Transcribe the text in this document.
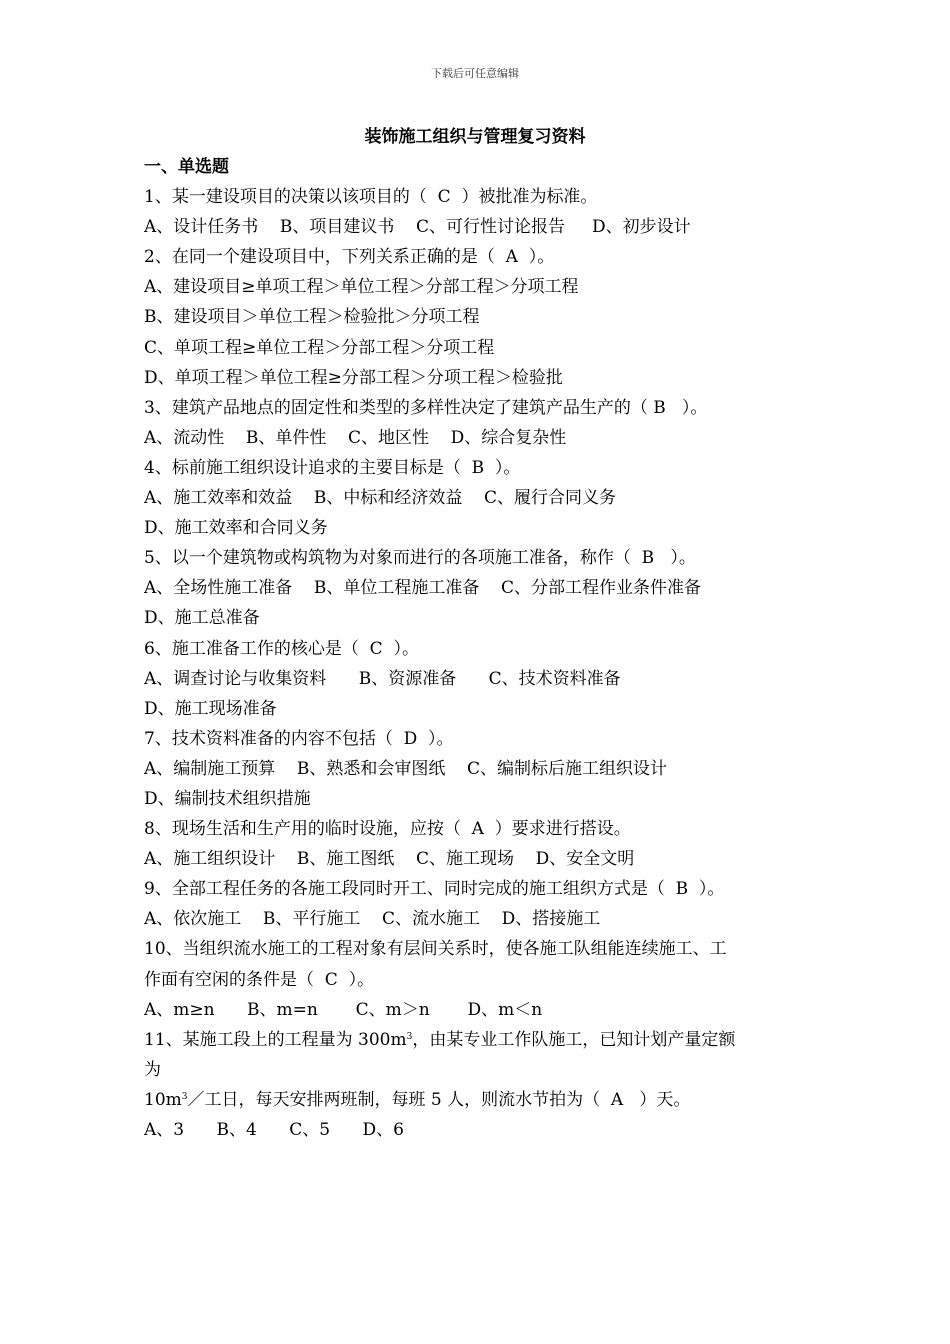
下载后可任意编辑
装饰施工组织与管理复习资料
一、单选题
1、某一建设项目的决策以该项目的（  C  ）被批准为标准。
A、设计任务书    B、项目建议书    C、可行性讨论报告     D、初步设计
2、在同一个建设项目中，下列关系正确的是（  A  ）。
A、建设项目≥单项工程＞单位工程＞分部工程＞分项工程
B、建设项目＞单位工程＞检验批＞分项工程
C、单项工程≥单位工程＞分部工程＞分项工程
D、单项工程＞单位工程≥分部工程＞分项工程＞检验批
3、建筑产品地点的固定性和类型的多样性决定了建筑产品生产的（ B   ）。
A、流动性    B、单件性    C、地区性    D、综合复杂性
4、标前施工组织设计追求的主要目标是（  B  ）。
A、施工效率和效益    B、中标和经济效益    C、履行合同义务
D、施工效率和合同义务
5、以一个建筑物或构筑物为对象而进行的各项施工准备，称作（  B   ）。
A、全场性施工准备    B、单位工程施工准备    C、分部工程作业条件准备
D、施工总准备
6、施工准备工作的核心是（  C  ）。
A、调查讨论与收集资料      B、资源准备      C、技术资料准备
D、施工现场准备
7、技术资料准备的内容不包括（  D  ）。
A、编制施工预算    B、熟悉和会审图纸    C、编制标后施工组织设计
D、编制技术组织措施
8、现场生活和生产用的临时设施，应按（  A  ）要求进行搭设。
A、施工组织设计    B、施工图纸    C、施工现场    D、安全文明
9、全部工程任务的各施工段同时开工、同时完成的施工组织方式是（  B  ）。
A、依次施工    B、平行施工    C、流水施工    D、搭接施工
10、当组织流水施工的工程对象有层间关系时，使各施工队组能连续施工、工
作面有空闲的条件是（  C  ）。
A、m≥n      B、m=n       C、m＞n       D、m＜n
11、某施工段上的工程量为 $300m^3$，由某专业工作队施工，已知计划产量定额
为
$10m^3/$工日，每天安排两班制，每班 5 人，则流水节拍为（  A   ）天。
A、3      B、4      C、5      D、6
